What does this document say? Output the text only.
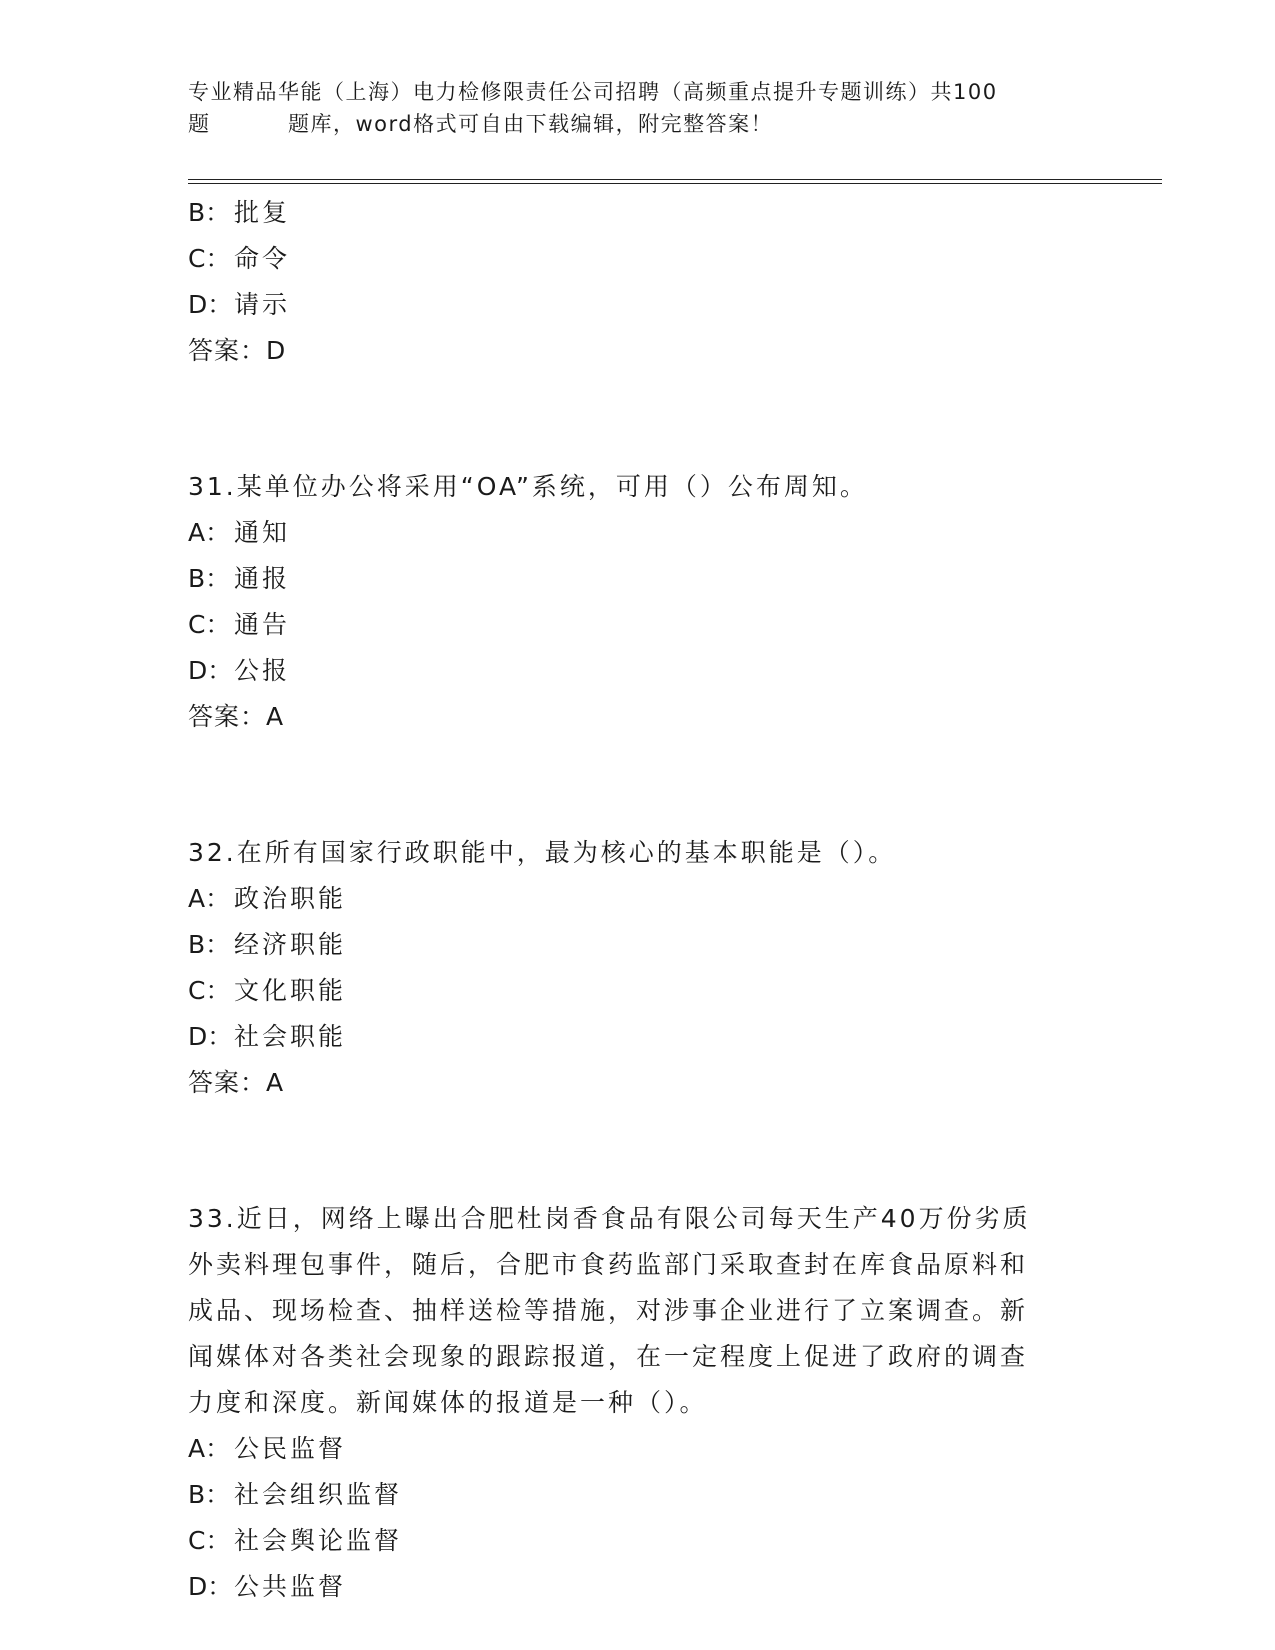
专业精品华能（上海）电力检修限责任公司招聘（高频重点提升专题训练）共100
题	题库，word格式可自由下载编辑，附完整答案！
B： 批复
C： 命令
D：请示
答案：D
31.某单位办公将采用“OA”系统，可用（）公布周知。
A： 通知
B： 通报
C： 通告
D：公报
答案：A
32.在所有国家行政职能中，最为核心的基本职能是（）。
A： 政治职能
B： 经济职能
C： 文化职能
D：社会职能
答案：A
33.近日，网络上曝出合肥杜岗香食品有限公司每天生产40万份劣质
外卖料理包事件，随后，合肥市食药监部门采取查封在库食品原料和
成品、现场检查、抽样送检等措施，对涉事企业进行了立案调查。新
闻媒体对各类社会现象的跟踪报道，在一定程度上促进了政府的调查
力度和深度。新闻媒体的报道是一种（）。
A： 公民监督
B： 社会组织监督
C： 社会舆论监督
D：公共监督
